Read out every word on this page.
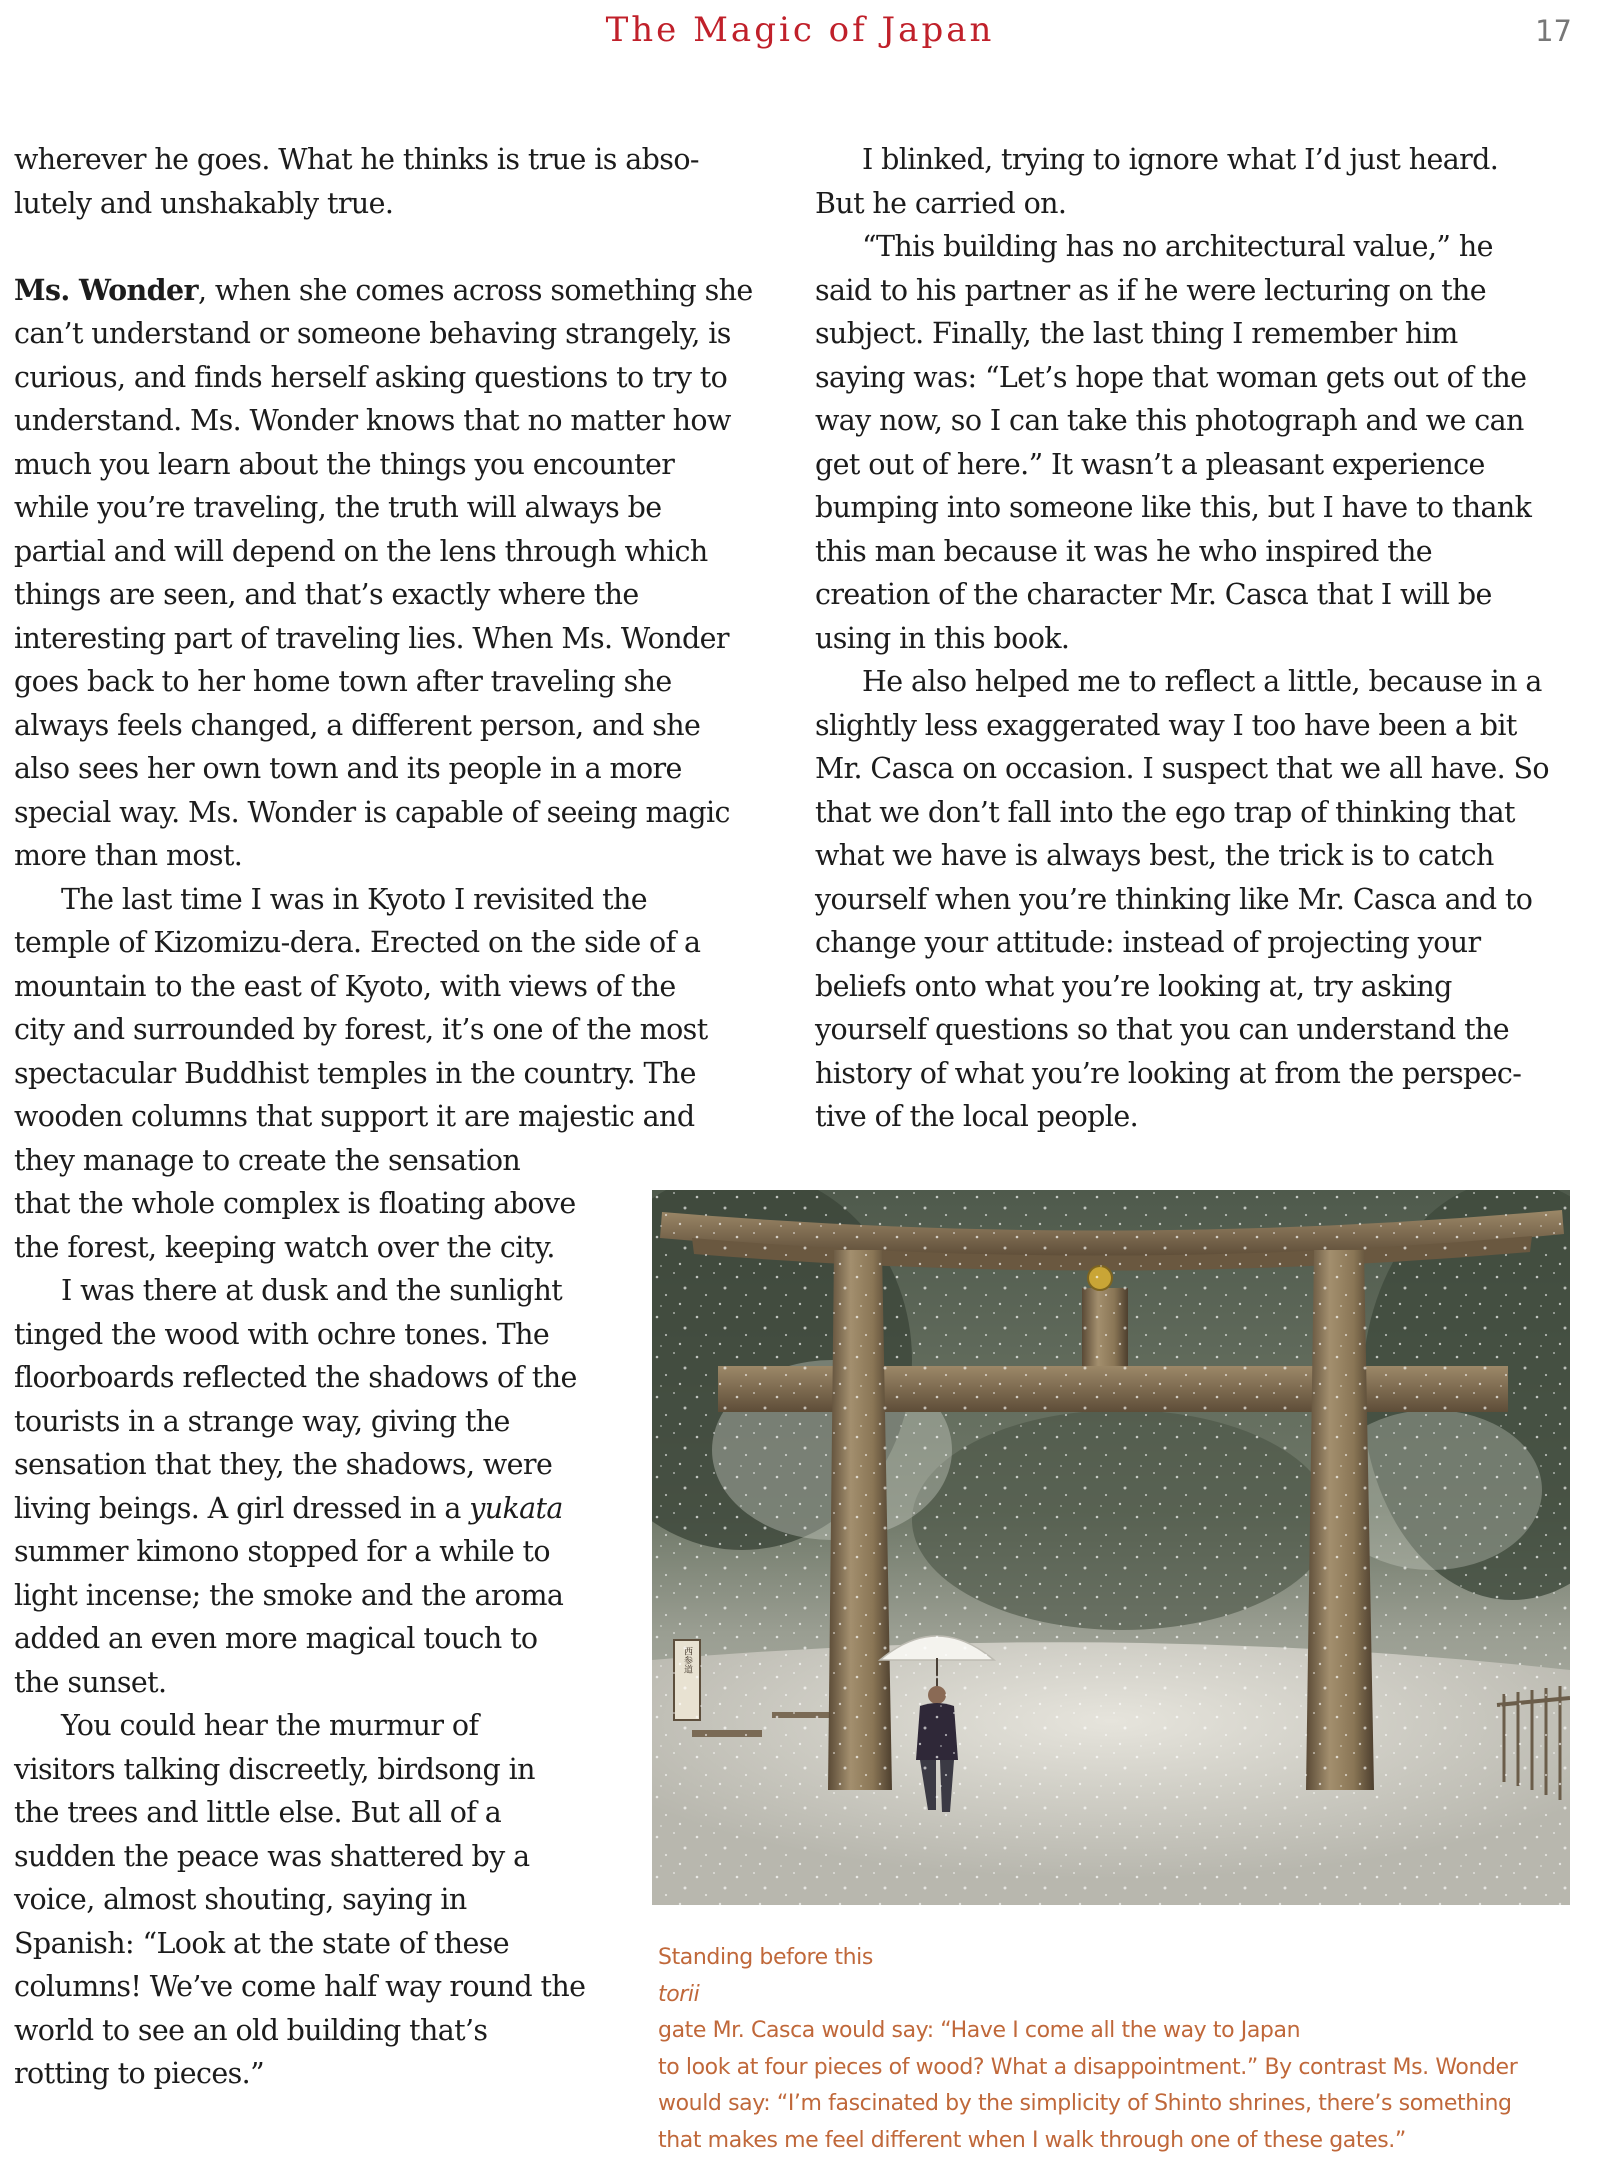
The Magic of Japan	17

wherever he goes. What he thinks is true is abso-

lutely and unshakably true.

Ms. Wonder, when she comes across something she

can’t understand or someone behaving strangely, is

curious, and finds herself asking questions to try to

understand. Ms. Wonder knows that no matter how

much you learn about the things you encounter

while you’re traveling, the truth will always be

partial and will depend on the lens through which

things are seen, and that’s exactly where the

interesting part of traveling lies. When Ms. Wonder

goes back to her home town after traveling she

always feels changed, a different person, and she

also sees her own town and its people in a more

special way. Ms. Wonder is capable of seeing magic

more than most.

The last time I was in Kyoto I revisited the

temple of Kizomizu-dera. Erected on the side of a

mountain to the east of Kyoto, with views of the

city and surrounded by forest, it’s one of the most

spectacular Buddhist temples in the country. The

wooden columns that support it are majestic and

they manage to create the sensation

that the whole complex is floating above

the forest, keeping watch over the city.

I was there at dusk and the sunlight

tinged the wood with ochre tones. The

floorboards reflected the shadows of the

tourists in a strange way, giving the

sensation that they, the shadows, were

living beings. A girl dressed in a yukata

summer kimono stopped for a while to

light incense; the smoke and the aroma

added an even more magical touch to

the sunset.

You could hear the murmur of

visitors talking discreetly, birdsong in

the trees and little else. But all of a

sudden the peace was shattered by a

voice, almost shouting, saying in

Spanish: “Look at the state of these

columns! We’ve come half way round the

world to see an old building that’s

rotting to pieces.”

I blinked, trying to ignore what I’d just heard.

But he carried on.

“This building has no architectural value,” he

said to his partner as if he were lecturing on the

subject. Finally, the last thing I remember him

saying was: “Let’s hope that woman gets out of the

way now, so I can take this photograph and we can

get out of here.” It wasn’t a pleasant experience

bumping into someone like this, but I have to thank

this man because it was he who inspired the

creation of the character Mr. Casca that I will be

using in this book.

He also helped me to reflect a little, because in a

slightly less exaggerated way I too have been a bit

Mr. Casca on occasion. I suspect that we all have. So

that we don’t fall into the ego trap of thinking that

what we have is always best, the trick is to catch

yourself when you’re thinking like Mr. Casca and to

change your attitude: instead of projecting your

beliefs onto what you’re looking at, try asking

yourself questions so that you can understand the

history of what you’re looking at from the perspec-

tive of the local people.

Standing before this
torii
gate Mr. Casca would say: “Have I come all the way to Japan
to look at four pieces of wood? What a disappointment.” By contrast Ms. Wonder
would say: “I’m fascinated by the simplicity of Shinto shrines, there’s something
that makes me feel different when I walk through one of these gates.”
